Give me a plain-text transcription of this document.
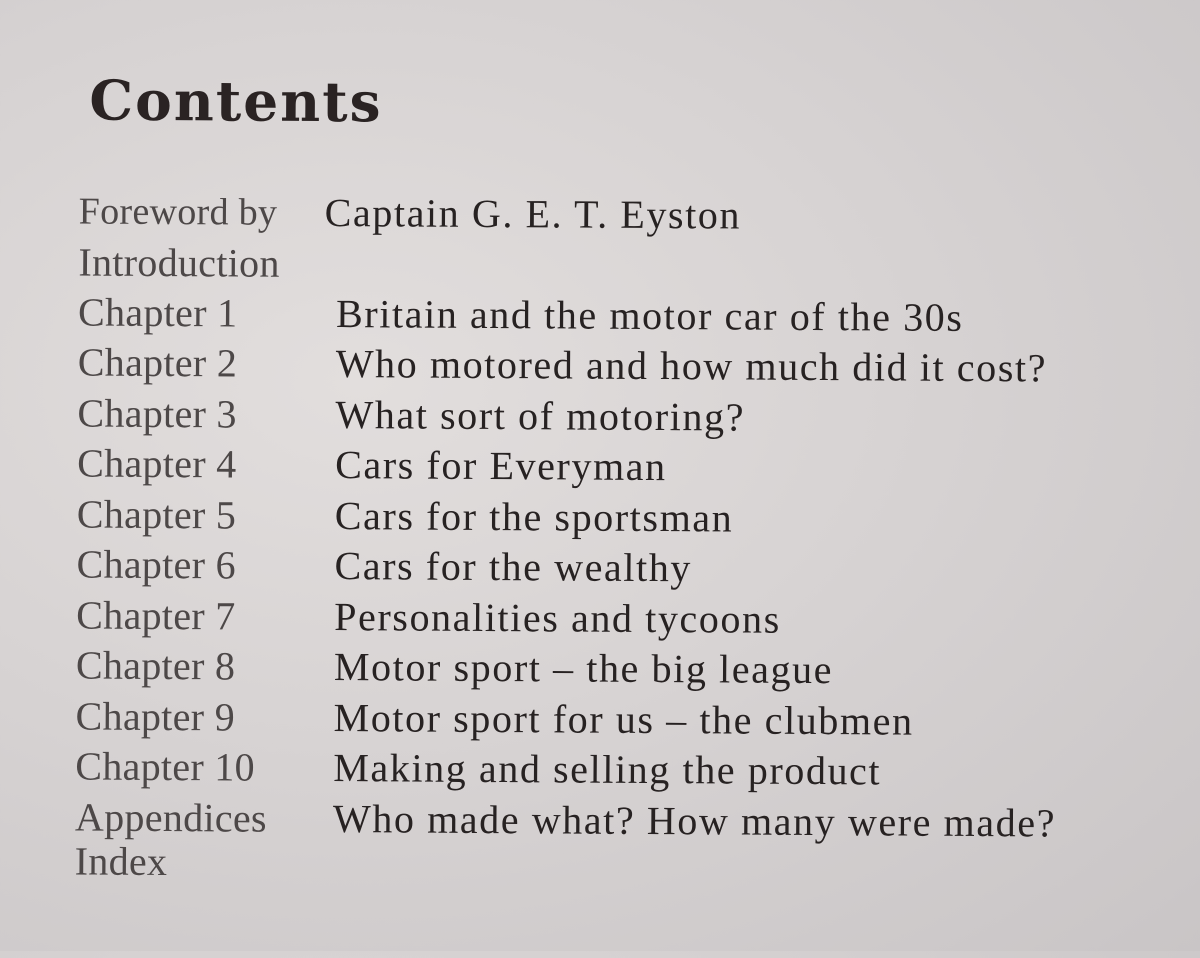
Contents
Foreword by Captain G. E. T. Eyston
Introduction
Chapter 1 Britain and the motor car of the 30s
Chapter 2 Who motored and how much did it cost?
Chapter 3 What sort of motoring?
Chapter 4 Cars for Everyman
Chapter 5 Cars for the sportsman
Chapter 6 Cars for the wealthy
Chapter 7 Personalities and tycoons
Chapter 8 Motor sport – the big league
Chapter 9 Motor sport for us – the clubmen
Chapter 10 Making and selling the product
Appendices Who made what? How many were made?
Index
